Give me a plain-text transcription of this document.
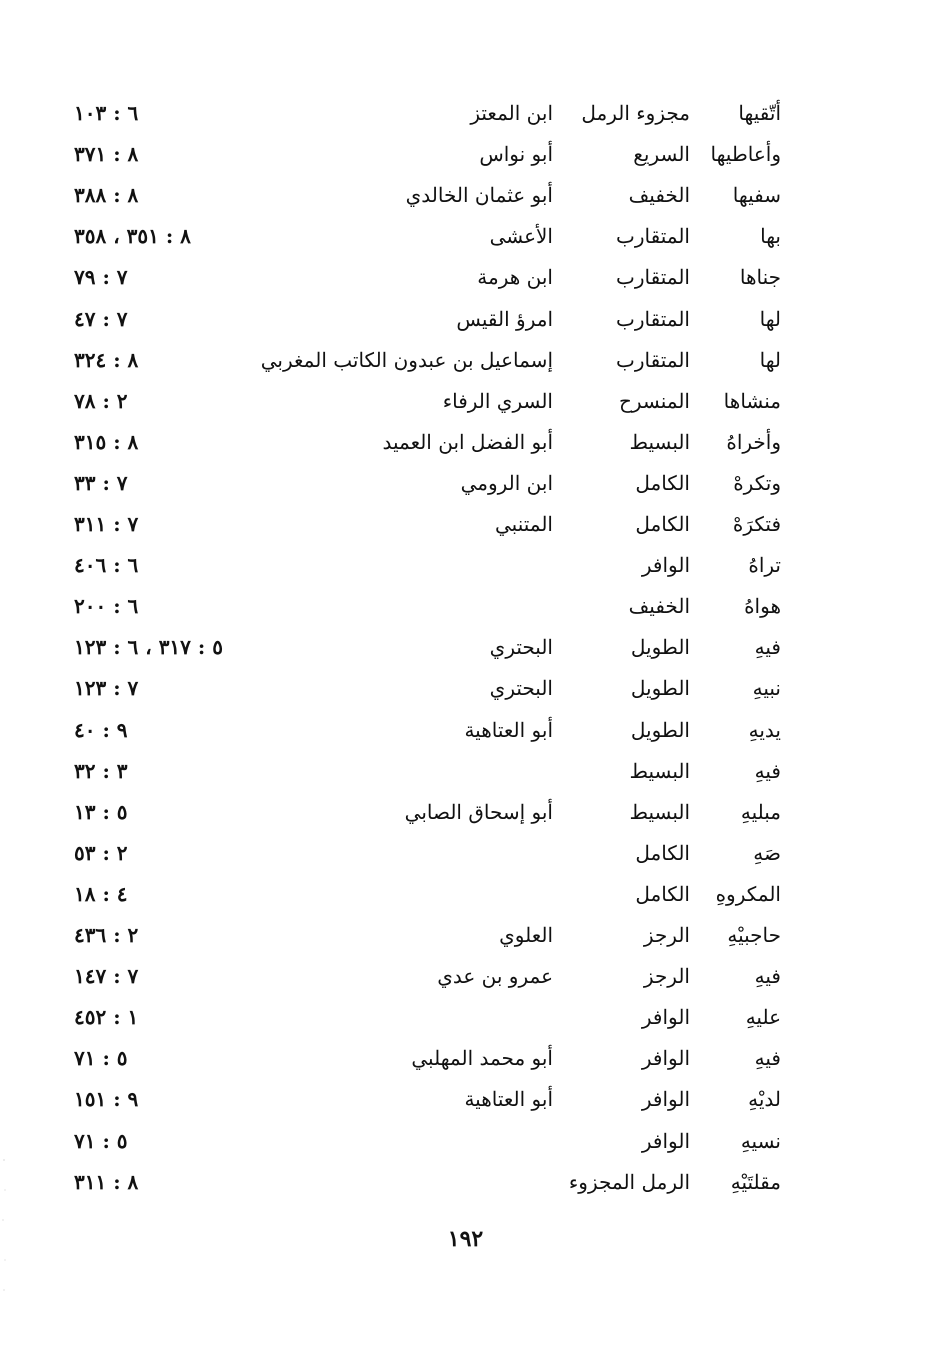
أتّقيها
مجزوء الرمل
ابن المعتز
٦ : ١٠٣
وأعاطيها
السريع
أبو نواس
٨ : ٣٧١
سفيها
الخفيف
أبو عثمان الخالدي
٨ : ٣٨٨
بها
المتقارب
الأعشى
٨ : ٣٥١ ، ٣٥٨
جناها
المتقارب
ابن هرمة
٧ : ٧٩
لها
المتقارب
امرؤ القيس
٧ : ٤٧
لها
المتقارب
إسماعيل بن عبدون الكاتب المغربي
٨ : ٣٢٤
منشاها
المنسرح
السري الرفاء
٢ : ٧٨
وأخراهُ
البسيط
أبو الفضل ابن العميد
٨ : ٣١٥
وتكرهْ
الكامل
ابن الرومي
٧ : ٣٣
فتكرَهْ
الكامل
المتنبي
٧ : ٣١١
تراهُ
الوافر
٦ : ٤٠٦
هواهُ
الخفيف
٦ : ٢٠٠
فيهِ
الطويل
البحتري
٥ : ٣١٧ ، ٦ : ١٢٣
نبيهِ
الطويل
البحتري
٧ : ١٢٣
يديهِ
الطويل
أبو العتاهية
٩ : ٤٠
فيهِ
البسيط
٣ : ٣٢
مبليهِ
البسيط
أبو إسحاق الصابي
٥ : ١٣
صَهِ
الكامل
٢ : ٥٣
المكروهِ
الكامل
٤ : ١٨
حاجبيْهِ
الرجز
العلوي
٢ : ٤٣٦
فيهِ
الرجز
عمرو بن عدي
٧ : ١٤٧
عليهِ
الوافر
١ : ٤٥٢
فيهِ
الوافر
أبو محمد المهلبي
٥ : ٧١
لديْهِ
الوافر
أبو العتاهية
٩ : ١٥١
نسيهِ
الوافر
٥ : ٧١
مقلتَيْهِ
الرمل المجزوء
٨ : ٣١١
١٩٢
